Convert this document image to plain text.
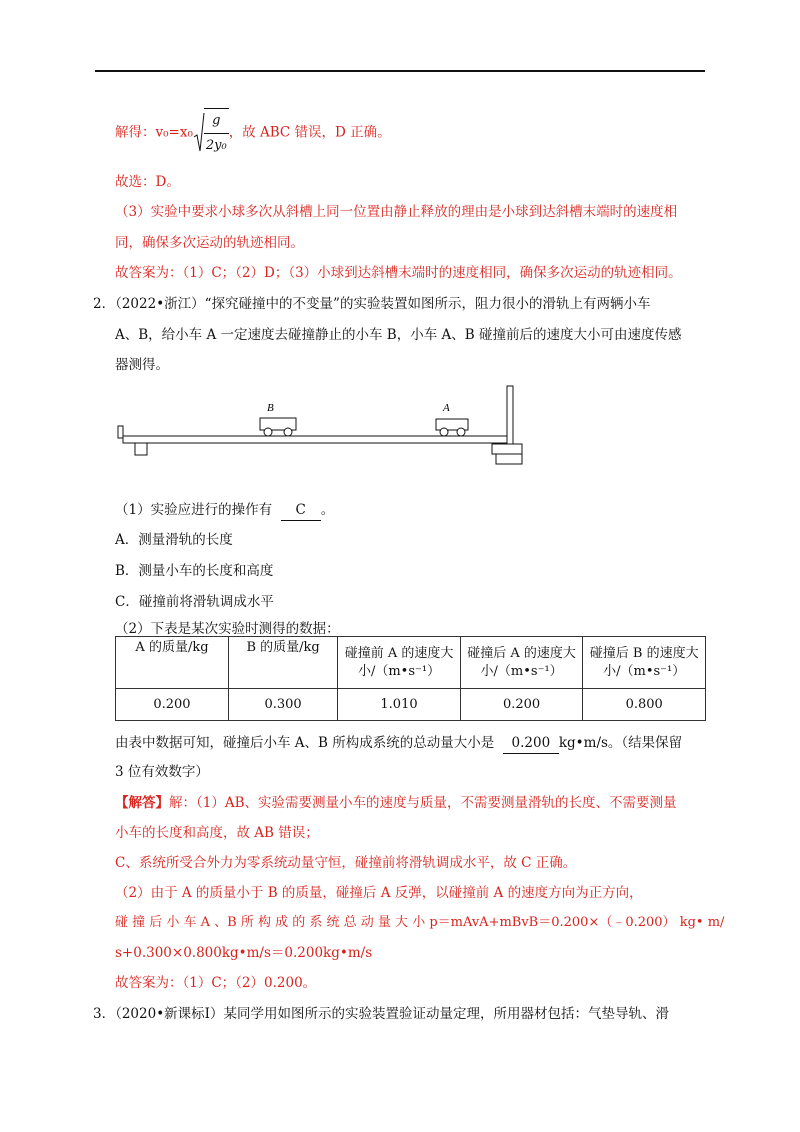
解得：$v_0=x_0 \frac{g}{\text{2y₀}}$ ，故 ABC 错误，D 正确。
故选：D。
（3）实验中要求小球多次从斜槽上同一位置由静止释放的理由是小球到达斜槽末端时的速度相
同，确保多次运动的轨迹相同。
故答案为：（1）C；（2）D；（3）小球到达斜槽末端时的速度相同，确保多次运动的轨迹相同。
2．（2022•浙江）“探究碰撞中的不变量”的实验装置如图所示，阻力很小的滑轨上有两辆小车
A、B，给小车 A 一定速度去碰撞静止的小车 B，小车 A、B 碰撞前后的速度大小可由速度传感
器测得。
B	A
（1）实验应进行的操作有 C 。
A．测量滑轨的长度
B．测量小车的长度和高度
C．碰撞前将滑轨调成水平
（2）下表是某次实验时测得的数据：
A 的质量/kg	B 的质量/kg	碰撞前 A 的速度大
小/（m•s⁻¹）	碰撞后 A 的速度大
小/（m•s⁻¹）	碰撞后 B 的速度大
小/（m•s⁻¹）
0.200	0.300	1.010	0.200	0.800
由表中数据可知，碰撞后小车 A、B 所构成系统的总动量大小是 0.200 kg•m/s。（结果保留
3 位有效数字）
【解答】解：（1）AB、实验需要测量小车的速度与质量，不需要测量滑轨的长度、不需要测量
小车的长度和高度，故 AB 错误；
C、系统所受合外力为零系统动量守恒，碰撞前将滑轨调成水平，故 C 正确。
（2）由于 A 的质量小于 B 的质量，碰撞后 A 反弹，以碰撞前 A 的速度方向为正方向，
碰 撞 后 小 车 A 、B 所 构 成 的 系 统 总 动 量 大 小 p＝mAvA+mBvB＝0.200×（﹣0.200） kg• m/
s+0.300×0.800kg•m/s＝0.200kg•m/s
故答案为：（1）C；（2）0.200。
3．（2020•新课标Ⅰ）某同学用如图所示的实验装置验证动量定理，所用器材包括：气垫导轨、滑
